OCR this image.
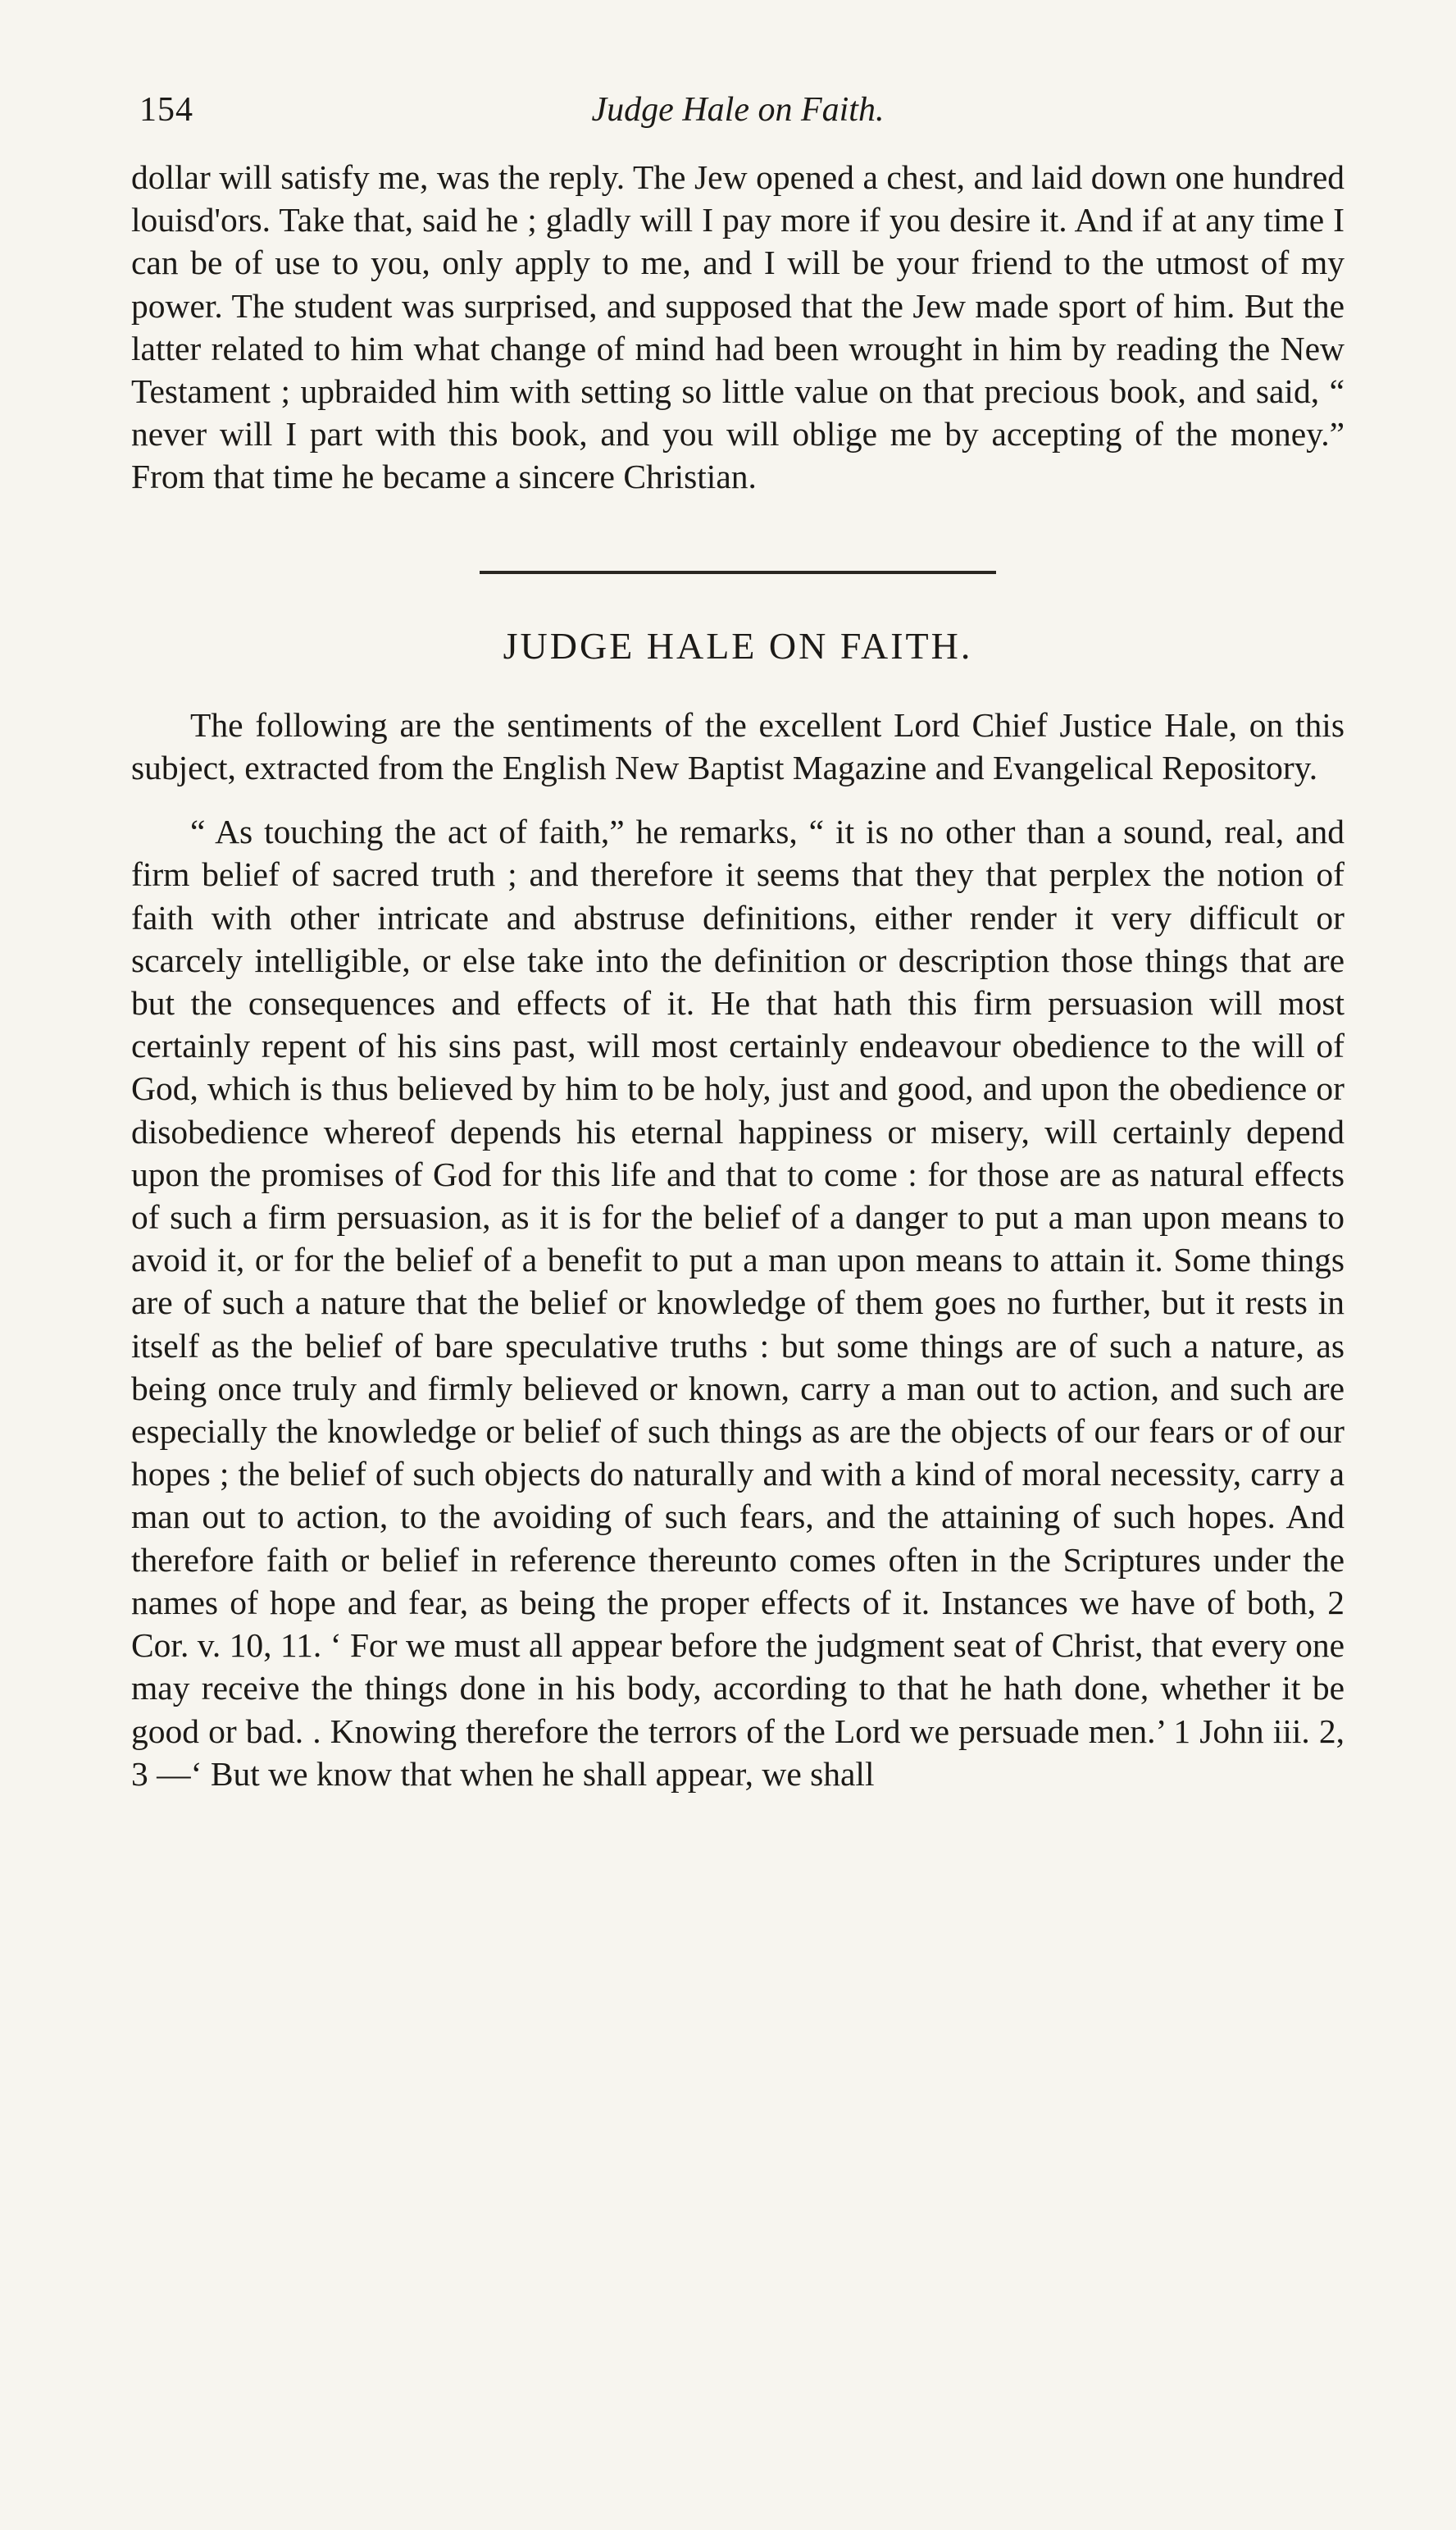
154	Judge Hale on Faith.

dollar will satisfy me, was the reply. The Jew opened a chest, and laid down one hundred louisd'ors. Take that, said he ; gladly will I pay more if you desire it. And if at any time I can be of use to you, only apply to me, and I will be your friend to the utmost of my power. The student was surprised, and supposed that the Jew made sport of him. But the latter related to him what change of mind had been wrought in him by reading the New Testament ; upbraided him with setting so little value on that precious book, and said, “ never will I part with this book, and you will oblige me by accepting of the money.” From that time he became a sincere Christian.

JUDGE HALE ON FAITH.

The following are the sentiments of the excellent Lord Chief Justice Hale, on this subject, extracted from the English New Baptist Magazine and Evangelical Repository.

“ As touching the act of faith,” he remarks, “ it is no other than a sound, real, and firm belief of sacred truth ; and therefore it seems that they that perplex the notion of faith with other intricate and abstruse definitions, either render it very difficult or scarcely intelligible, or else take into the definition or description those things that are but the consequences and effects of it. He that hath this firm persuasion will most certainly repent of his sins past, will most certainly endeavour obedience to the will of God, which is thus believed by him to be holy, just and good, and upon the obedience or disobedience whereof depends his eternal happiness or misery, will certainly depend upon the promises of God for this life and that to come : for those are as natural effects of such a firm persuasion, as it is for the belief of a danger to put a man upon means to avoid it, or for the belief of a benefit to put a man upon means to attain it. Some things are of such a nature that the belief or knowledge of them goes no further, but it rests in itself as the belief of bare speculative truths : but some things are of such a nature, as being once truly and firmly believed or known, carry a man out to action, and such are especially the knowledge or belief of such things as are the objects of our fears or of our hopes ; the belief of such objects do naturally and with a kind of moral necessity, carry a man out to action, to the avoiding of such fears, and the attaining of such hopes. And therefore faith or belief in reference thereunto comes often in the Scriptures under the names of hope and fear, as being the proper effects of it. Instances we have of both, 2 Cor. v. 10, 11. ‘ For we must all appear before the judgment seat of Christ, that every one may receive the things done in his body, according to that he hath done, whether it be good or bad. . Knowing therefore the terrors of the Lord we persuade men.’ 1 John iii. 2, 3 —‘ But we know that when he shall appear, we shall
